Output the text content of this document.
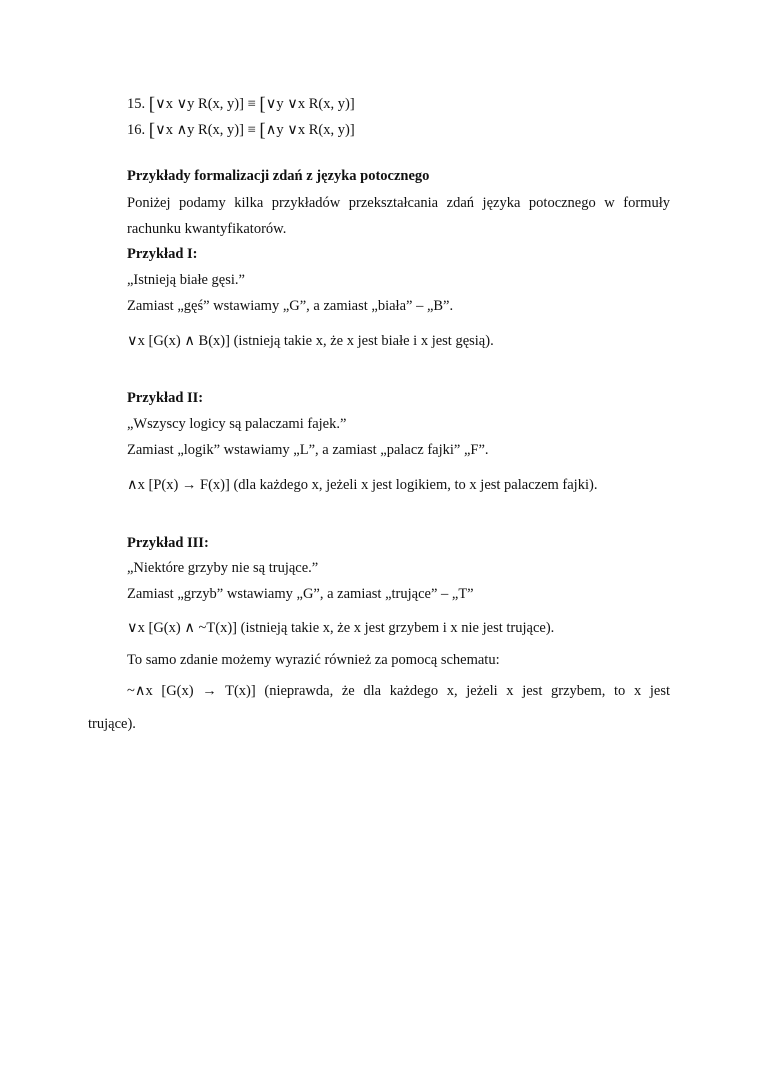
15. [∨x ∨y R(x, y)] ≡ [∨y ∨x R(x, y)]
16. [∨x ∧y R(x, y)] ≡ [∧y ∨x R(x, y)]
Przykłady formalizacji zdań z języka potocznego
Poniżej podamy kilka przykładów przekształcania zdań języka potocznego w formuły
rachunku kwantyfikatorów.
Przykład I:
„Istnieją białe gęsi.”
Zamiast „gęś” wstawiamy „G”, a zamiast „biała” – „B”.
∨x [G(x) ∧ B(x)] (istnieją takie x, że x jest białe i x jest gęsią).
Przykład II:
„Wszyscy logicy są palaczami fajek.”
Zamiast „logik” wstawiamy „L”, a zamiast „palacz fajki” „F”.
∧x [P(x) → F(x)] (dla każdego x, jeżeli x jest logikiem, to x jest palaczem fajki).
Przykład III:
„Niektóre grzyby nie są trujące.”
Zamiast „grzyb” wstawiamy „G”, a zamiast „trujące” – „T”
∨x [G(x) ∧ ~T(x)] (istnieją takie x, że x jest grzybem i x nie jest trujące).
To samo zdanie możemy wyrazić również za pomocą schematu:
~∧x [G(x) → T(x)] (nieprawda, że dla każdego x, jeżeli x jest grzybem, to x jest
trujące).
